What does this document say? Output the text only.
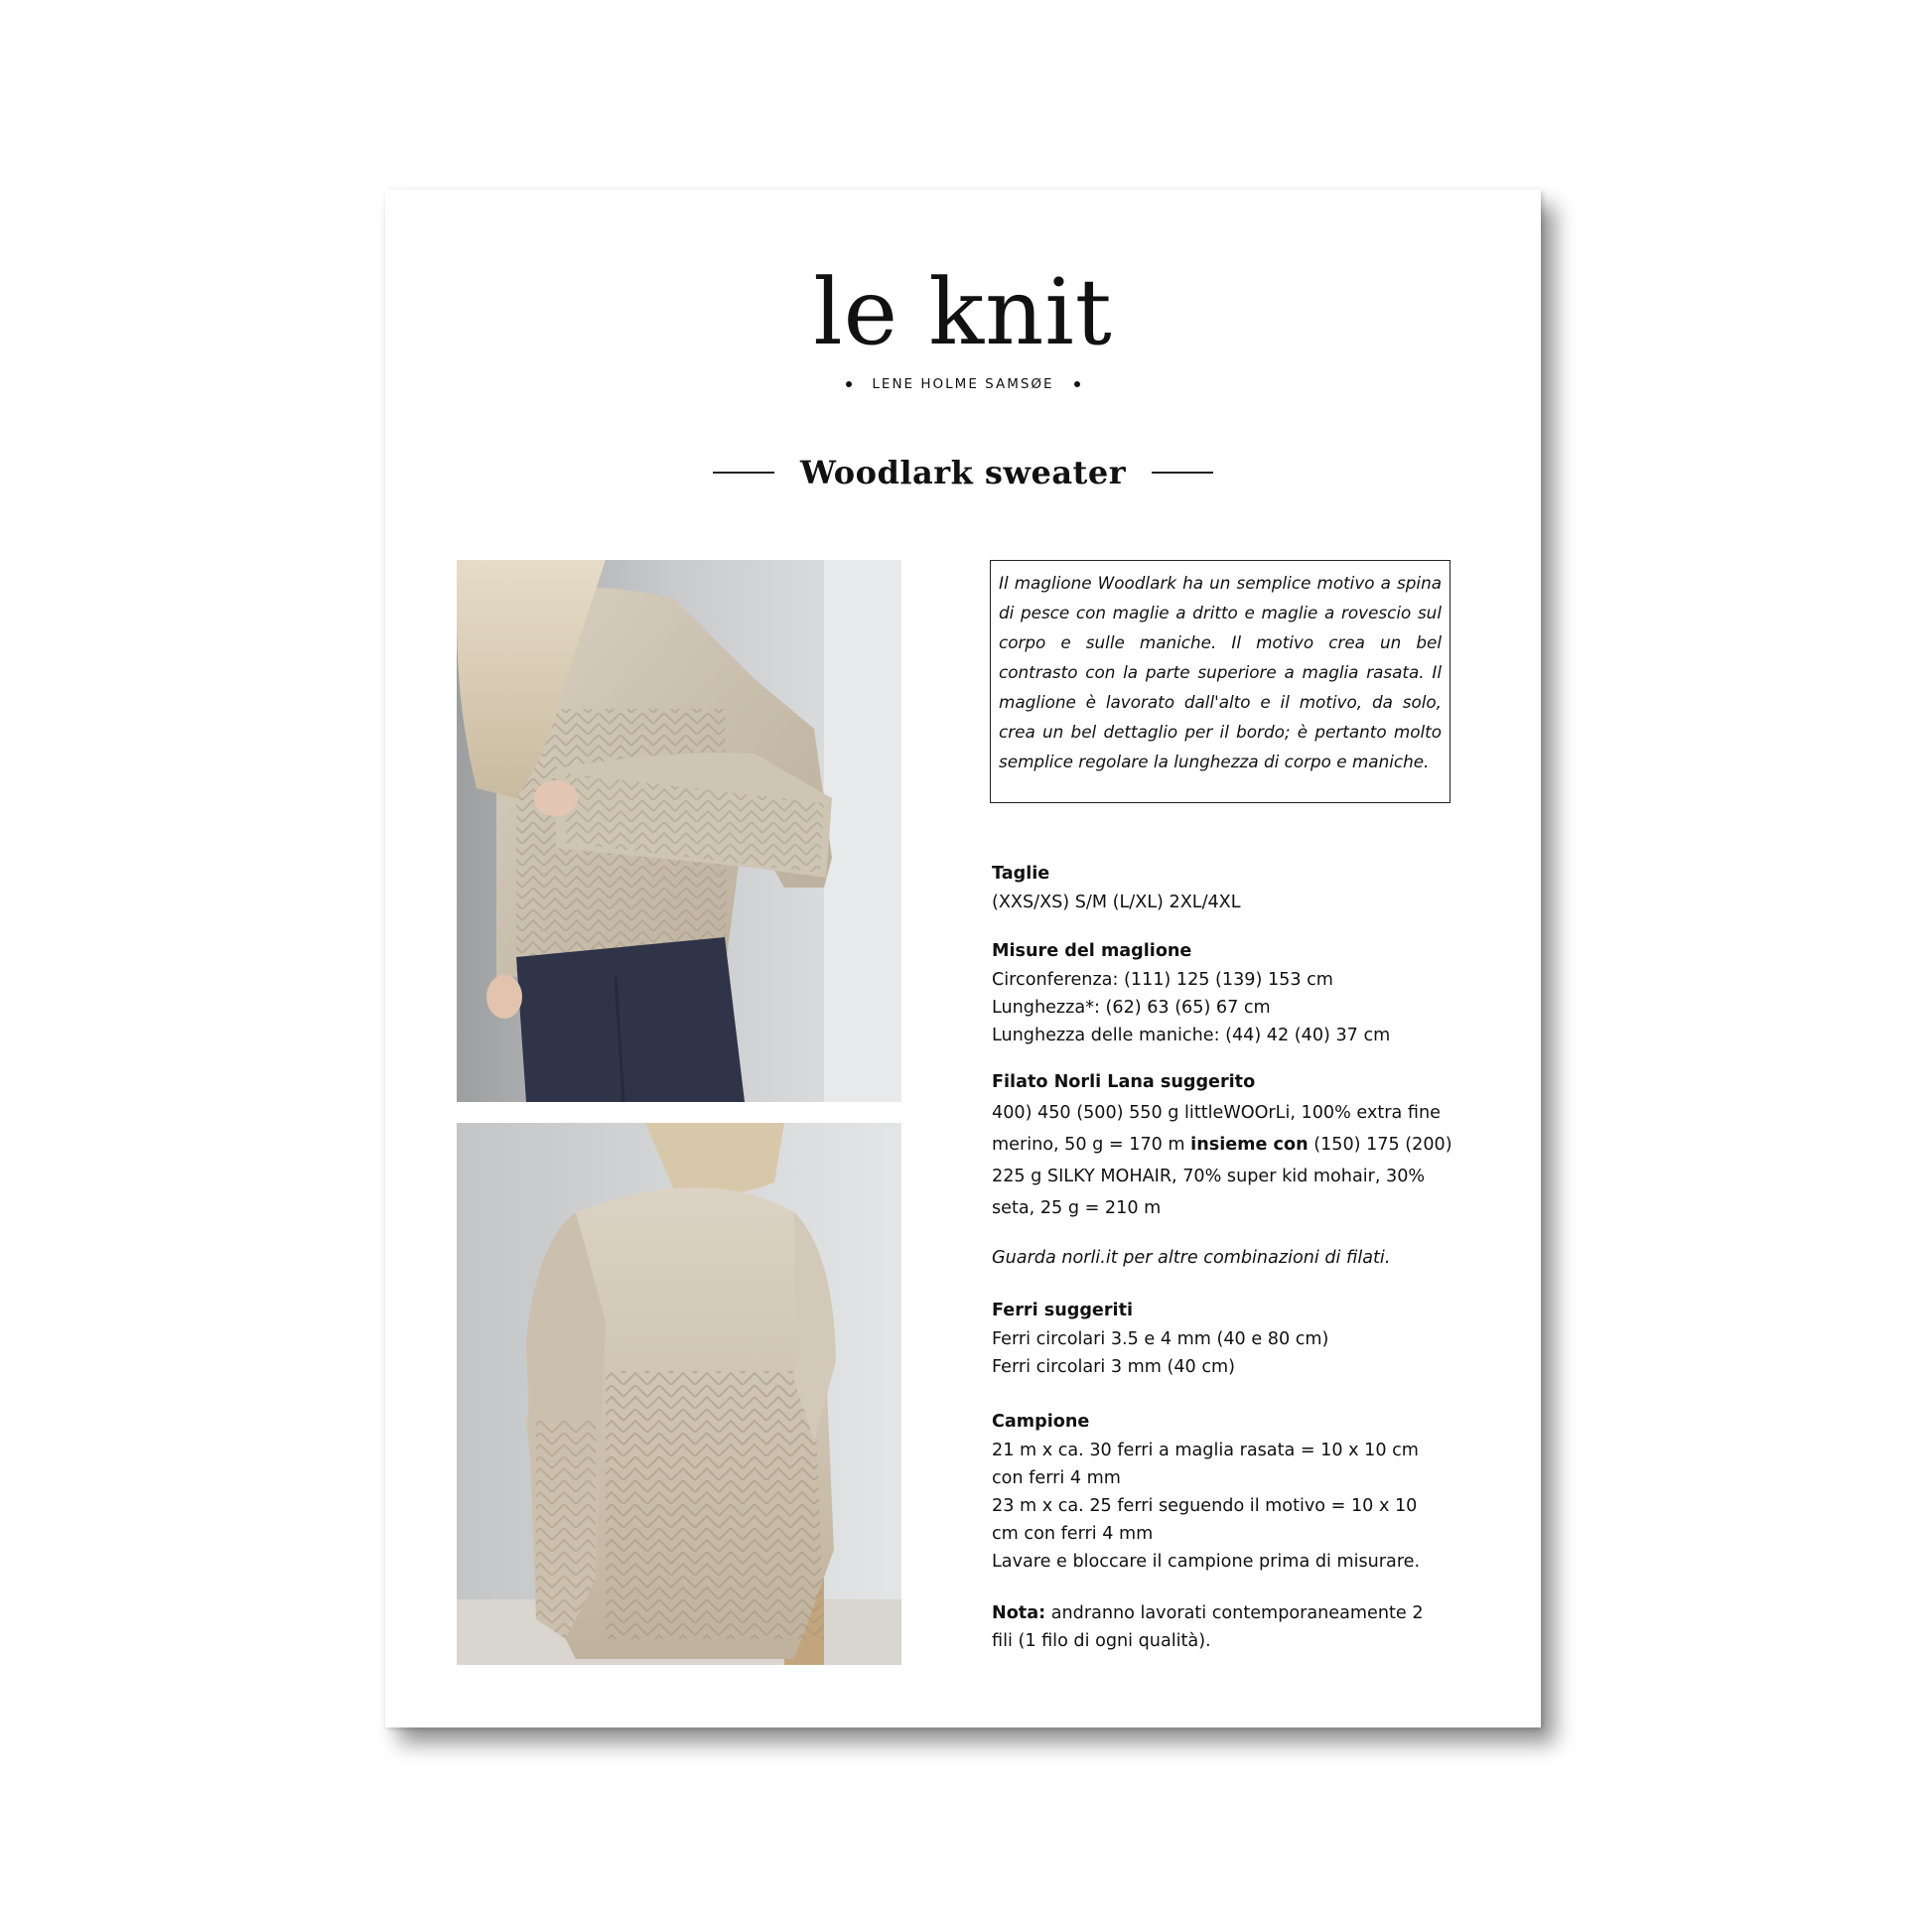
le knit
LENE HOLME SAMSØE
Woodlark sweater

Il maglione Woodlark ha un semplice motivo a spina di pesce con maglie a dritto e maglie a rovescio sul corpo e sulle maniche. Il motivo crea un bel contrasto con la parte superiore a maglia rasata. Il maglione è lavorato dall'alto e il motivo, da solo, crea un bel dettaglio per il bordo; è pertanto molto semplice regolare la lunghezza di corpo e maniche.

Taglie
(XXS/XS) S/M (L/XL) 2XL/4XL
Misure del maglione
Circonferenza: (111) 125 (139) 153 cm
Lunghezza*: (62) 63 (65) 67 cm
Lunghezza delle maniche: (44) 42 (40) 37 cm
Filato Norli Lana suggerito
400) 450 (500) 550 g littleWOOrLi, 100% extra fine
merino, 50 g = 170 m insieme con (150) 175 (200)
225 g SILKY MOHAIR, 70% super kid mohair, 30%
seta, 25 g = 210 m
Guarda norli.it per altre combinazioni di filati.
Ferri suggeriti
Ferri circolari 3.5 e 4 mm (40 e 80 cm)
Ferri circolari 3 mm (40 cm)
Campione
21 m x ca. 30 ferri a maglia rasata = 10 x 10 cm
con ferri 4 mm
23 m x ca. 25 ferri seguendo il motivo = 10 x 10
cm con ferri 4 mm
Lavare e bloccare il campione prima di misurare.
Nota: andranno lavorati contemporaneamente 2
fili (1 filo di ogni qualità).
